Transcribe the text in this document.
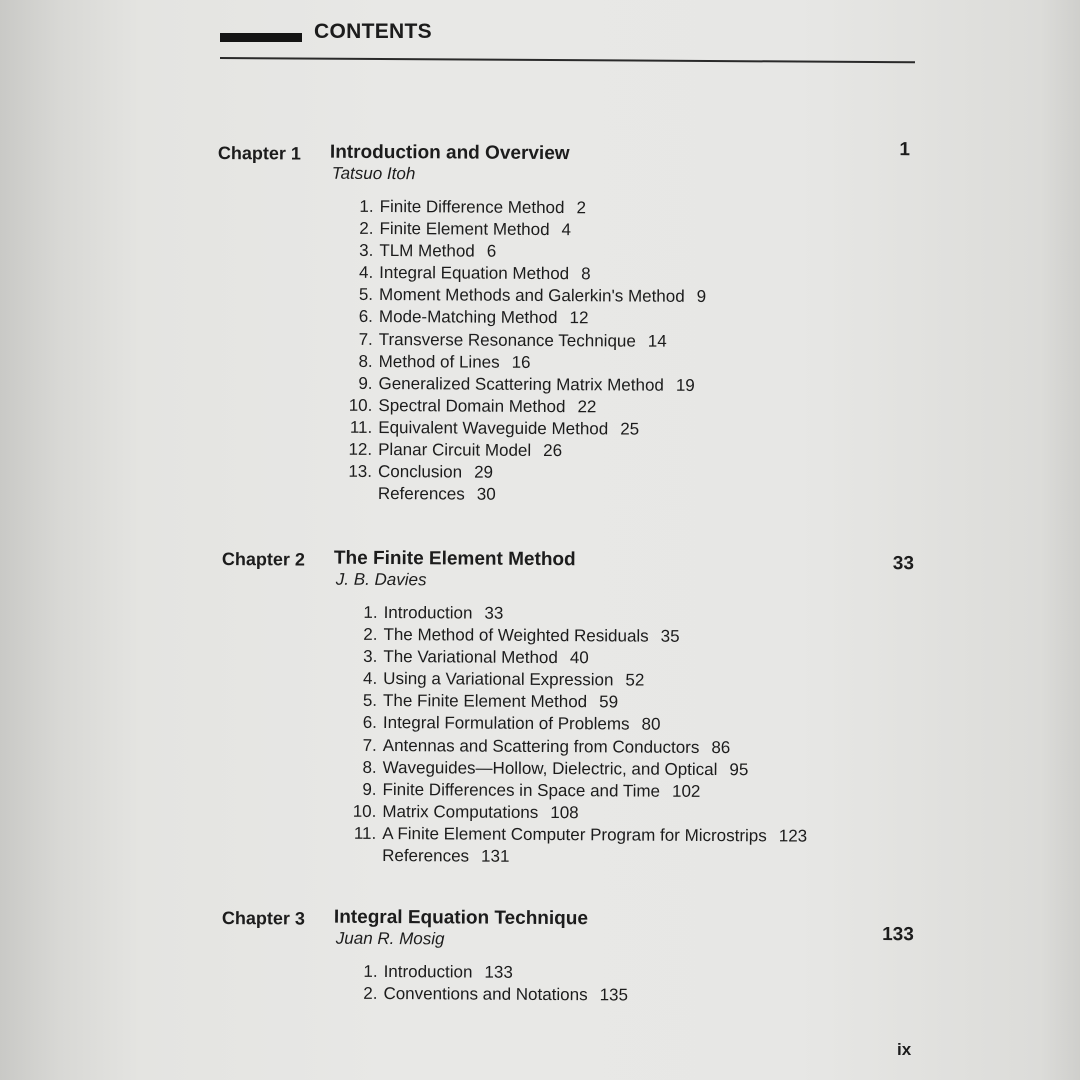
CONTENTS
Chapter 1 Introduction and Overview	1
Tatsuo Itoh
1. Finite Difference Method 2
2. Finite Element Method 4
3. TLM Method 6
4. Integral Equation Method 8
5. Moment Methods and Galerkin's Method 9
6. Mode-Matching Method 12
7. Transverse Resonance Technique 14
8. Method of Lines 16
9. Generalized Scattering Matrix Method 19
10. Spectral Domain Method 22
11. Equivalent Waveguide Method 25
12. Planar Circuit Model 26
13. Conclusion 29
References 30
Chapter 2 The Finite Element Method	33
J. B. Davies
1. Introduction 33
2. The Method of Weighted Residuals 35
3. The Variational Method 40
4. Using a Variational Expression 52
5. The Finite Element Method 59
6. Integral Formulation of Problems 80
7. Antennas and Scattering from Conductors 86
8. Waveguides—Hollow, Dielectric, and Optical 95
9. Finite Differences in Space and Time 102
10. Matrix Computations 108
11. A Finite Element Computer Program for Microstrips 123
References 131
Chapter 3 Integral Equation Technique
133
Juan R. Mosig
1. Introduction 133
2. Conventions and Notations 135
ix
